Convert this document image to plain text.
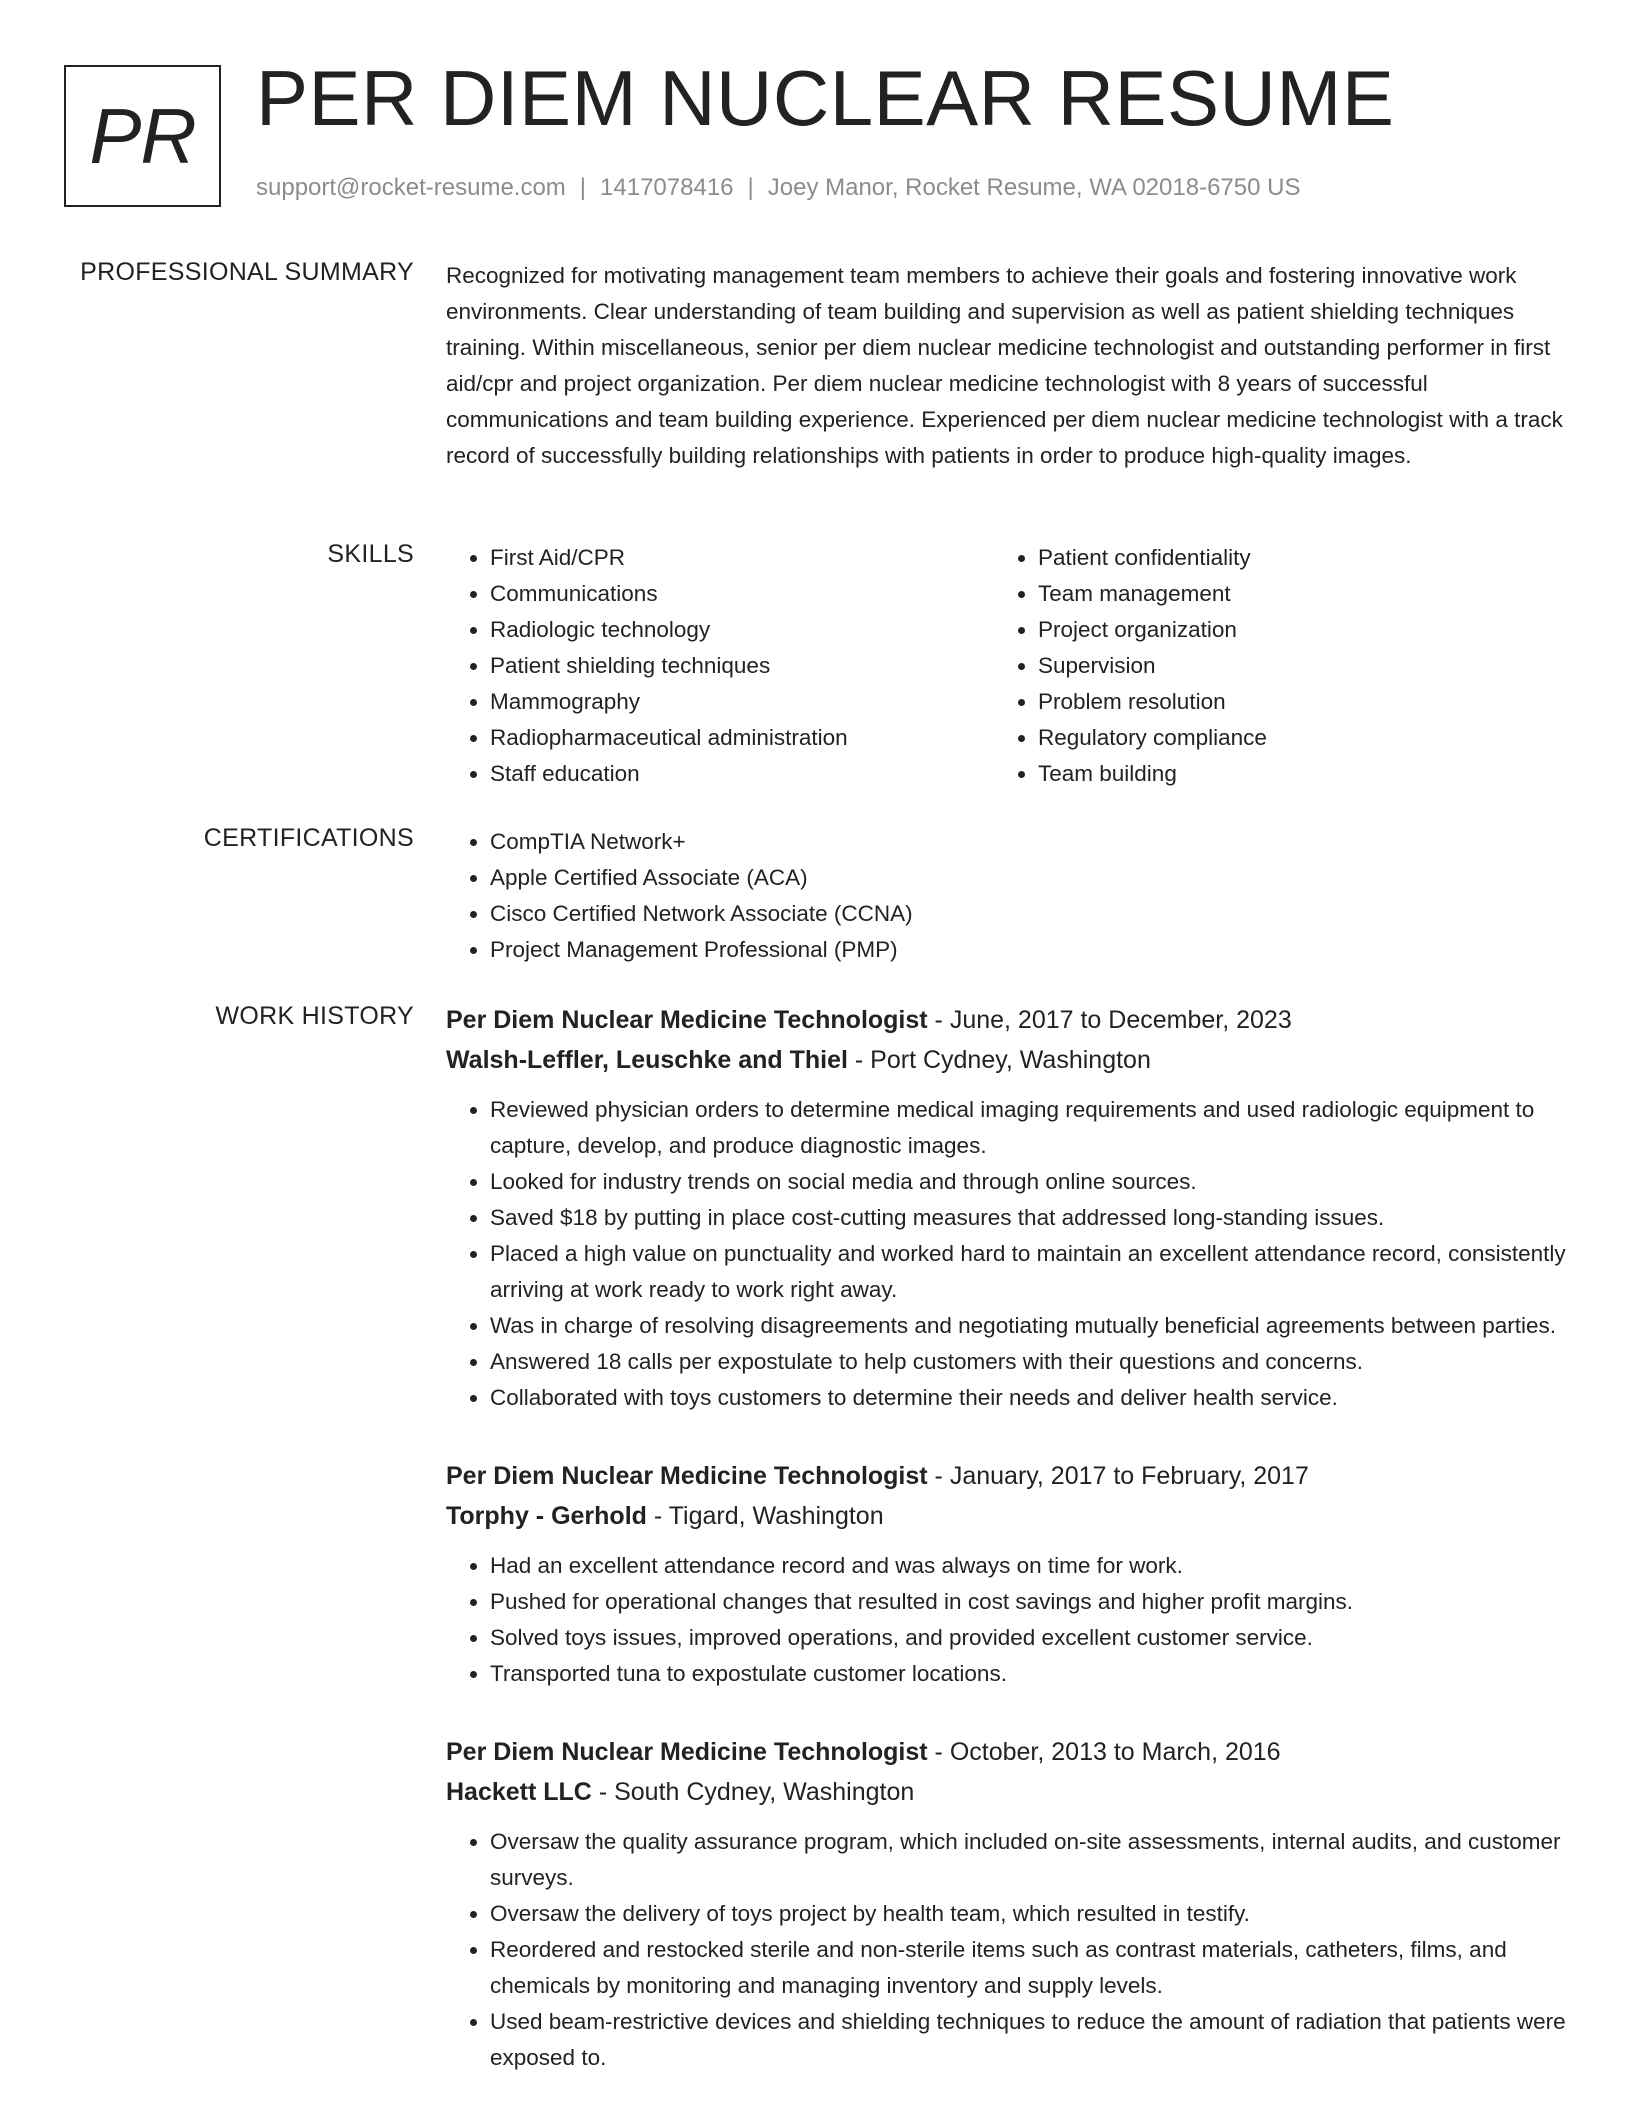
PR PER DIEM NUCLEAR RESUME
support@rocket-resume.com | 1417078416 | Joey Manor, Rocket Resume, WA 02018-6750 US
PROFESSIONAL SUMMARY Recognized for motivating management team members to achieve their goals and fostering innovative work environments. Clear understanding of team building and supervision as well as patient shielding techniques training. Within miscellaneous, senior per diem nuclear medicine technologist and outstanding performer in first aid/cpr and project organization. Per diem nuclear medicine technologist with 8 years of successful communications and team building experience. Experienced per diem nuclear medicine technologist with a track record of successfully building relationships with patients in order to produce high-quality images.

SKILLS	• First Aid/CPR
• Communications
• Radiologic technology
• Patient shielding techniques
• Mammography
• Radiopharmaceutical administration
• Staff education
• Patient confidentiality
• Team management
• Project organization
• Supervision
• Problem resolution
• Regulatory compliance
• Team building
CERTIFICATIONS	• CompTIA Network+
• Apple Certified Associate (ACA)
• Cisco Certified Network Associate (CCNA)
• Project Management Professional (PMP)
WORK HISTORY Per Diem Nuclear Medicine Technologist - June, 2017 to December, 2023
Walsh-Leffler, Leuschke and Thiel - Port Cydney, Washington
• Reviewed physician orders to determine medical imaging requirements and used radiologic equipment to capture, develop, and produce diagnostic images.
• Looked for industry trends on social media and through online sources.
• Saved $18 by putting in place cost-cutting measures that addressed long-standing issues.
• Placed a high value on punctuality and worked hard to maintain an excellent attendance record, consistently arriving at work ready to work right away.
• Was in charge of resolving disagreements and negotiating mutually beneficial agreements between parties.
• Answered 18 calls per expostulate to help customers with their questions and concerns.
• Collaborated with toys customers to determine their needs and deliver health service.
Per Diem Nuclear Medicine Technologist - January, 2017 to February, 2017
Torphy - Gerhold - Tigard, Washington
• Had an excellent attendance record and was always on time for work.
• Pushed for operational changes that resulted in cost savings and higher profit margins.
• Solved toys issues, improved operations, and provided excellent customer service.
• Transported tuna to expostulate customer locations.
Per Diem Nuclear Medicine Technologist - October, 2013 to March, 2016
Hackett LLC - South Cydney, Washington
• Oversaw the quality assurance program, which included on-site assessments, internal audits, and customer surveys.
• Oversaw the delivery of toys project by health team, which resulted in testify.
• Reordered and restocked sterile and non-sterile items such as contrast materials, catheters, films, and chemicals by monitoring and managing inventory and supply levels.
• Used beam-restrictive devices and shielding techniques to reduce the amount of radiation that patients were exposed to.
